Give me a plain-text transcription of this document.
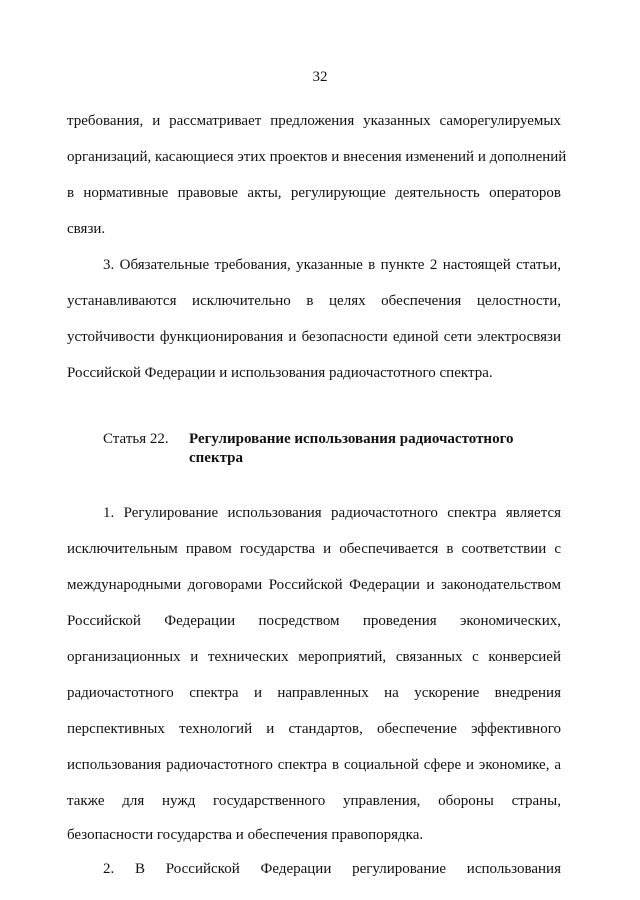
32
требования, и рассматривает предложения указанных саморегулируемых
организаций, касающиеся этих проектов и внесения изменений и дополнений
в нормативные правовые акты, регулирующие деятельность операторов
связи.
3. Обязательные требования, указанные в пункте 2 настоящей статьи,
устанавливаются исключительно в целях обеспечения целостности,
устойчивости функционирования и безопасности единой сети электросвязи
Российской Федерации и использования радиочастотного спектра.
Статья 22. Регулирование использования радиочастотного спектра
1. Регулирование использования радиочастотного спектра является
исключительным правом государства и обеспечивается в соответствии с
международными договорами Российской Федерации и законодательством
Российской Федерации посредством проведения экономических,
организационных и технических мероприятий, связанных с конверсией
радиочастотного спектра и направленных на ускорение внедрения
перспективных технологий и стандартов, обеспечение эффективного
использования радиочастотного спектра в социальной сфере и экономике, а
также для нужд государственного управления, обороны страны,
безопасности государства и обеспечения правопорядка.
2. В Российской Федерации регулирование использования
